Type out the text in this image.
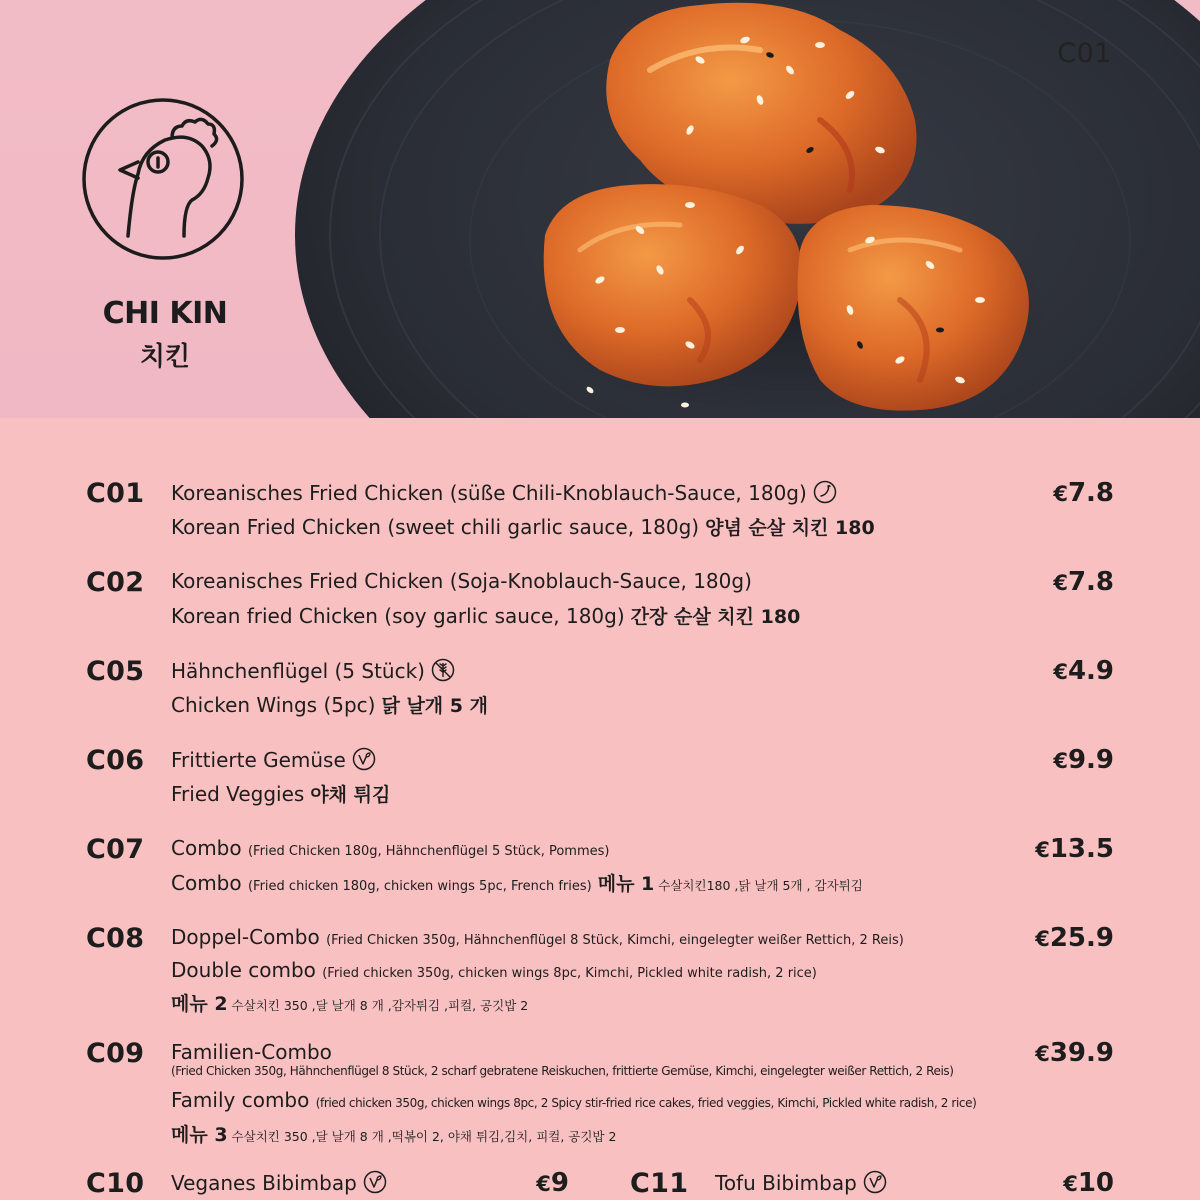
C01
CHI KIN
치킨
C01 Koreanisches Fried Chicken (süße Chili-Knoblauch-Sauce, 180g)
Korean Fried Chicken (sweet chili garlic sauce, 180g) 양념 순살 치킨 180
€7.8
C02 Koreanisches Fried Chicken (Soja-Knoblauch-Sauce, 180g)
Korean fried Chicken (soy garlic sauce, 180g) 간장 순살 치킨 180
€7.8
C05 Hähnchenflügel (5 Stück)
Chicken Wings (5pc) 닭 날개 5 개
€4.9
C06 Frittierte Gemüse
Fried Veggies 야채 튀김
€9.9
C07 Combo (Fried Chicken 180g, Hähnchenflügel 5 Stück, Pommes)
Combo (Fried chicken 180g, chicken wings 5pc, French fries) 메뉴 1 수살치킨180 ,닭 날개 5개 , 감자튀김
€13.5
C08 Doppel-Combo (Fried Chicken 350g, Hähnchenflügel 8 Stück, Kimchi, eingelegter weißer Rettich, 2 Reis)
Double combo (Fried chicken 350g, chicken wings 8pc, Kimchi, Pickled white radish, 2 rice)
메뉴 2 수살치킨 350 ,달 날개 8 개 ,감자튀김 ,피컬, 공깃밥 2
€25.9
C09 Familien-Combo
(Fried Chicken 350g, Hähnchenflügel 8 Stück, 2 scharf gebratene Reiskuchen, frittierte Gemüse, Kimchi, eingelegter weißer Rettich, 2 Reis)
Family combo (fried chicken 350g, chicken wings 8pc, 2 Spicy stir-fried rice cakes, fried veggies, Kimchi, Pickled white radish, 2 rice)
메뉴 3 수살치킨 350 ,달 날개 8 개 ,떡볶이 2, 야채 튀김,김치, 피컬, 공깃밥 2
€39.9
C10 Veganes Bibimbap	€9 C11 Tofu Bibimbap	€10
